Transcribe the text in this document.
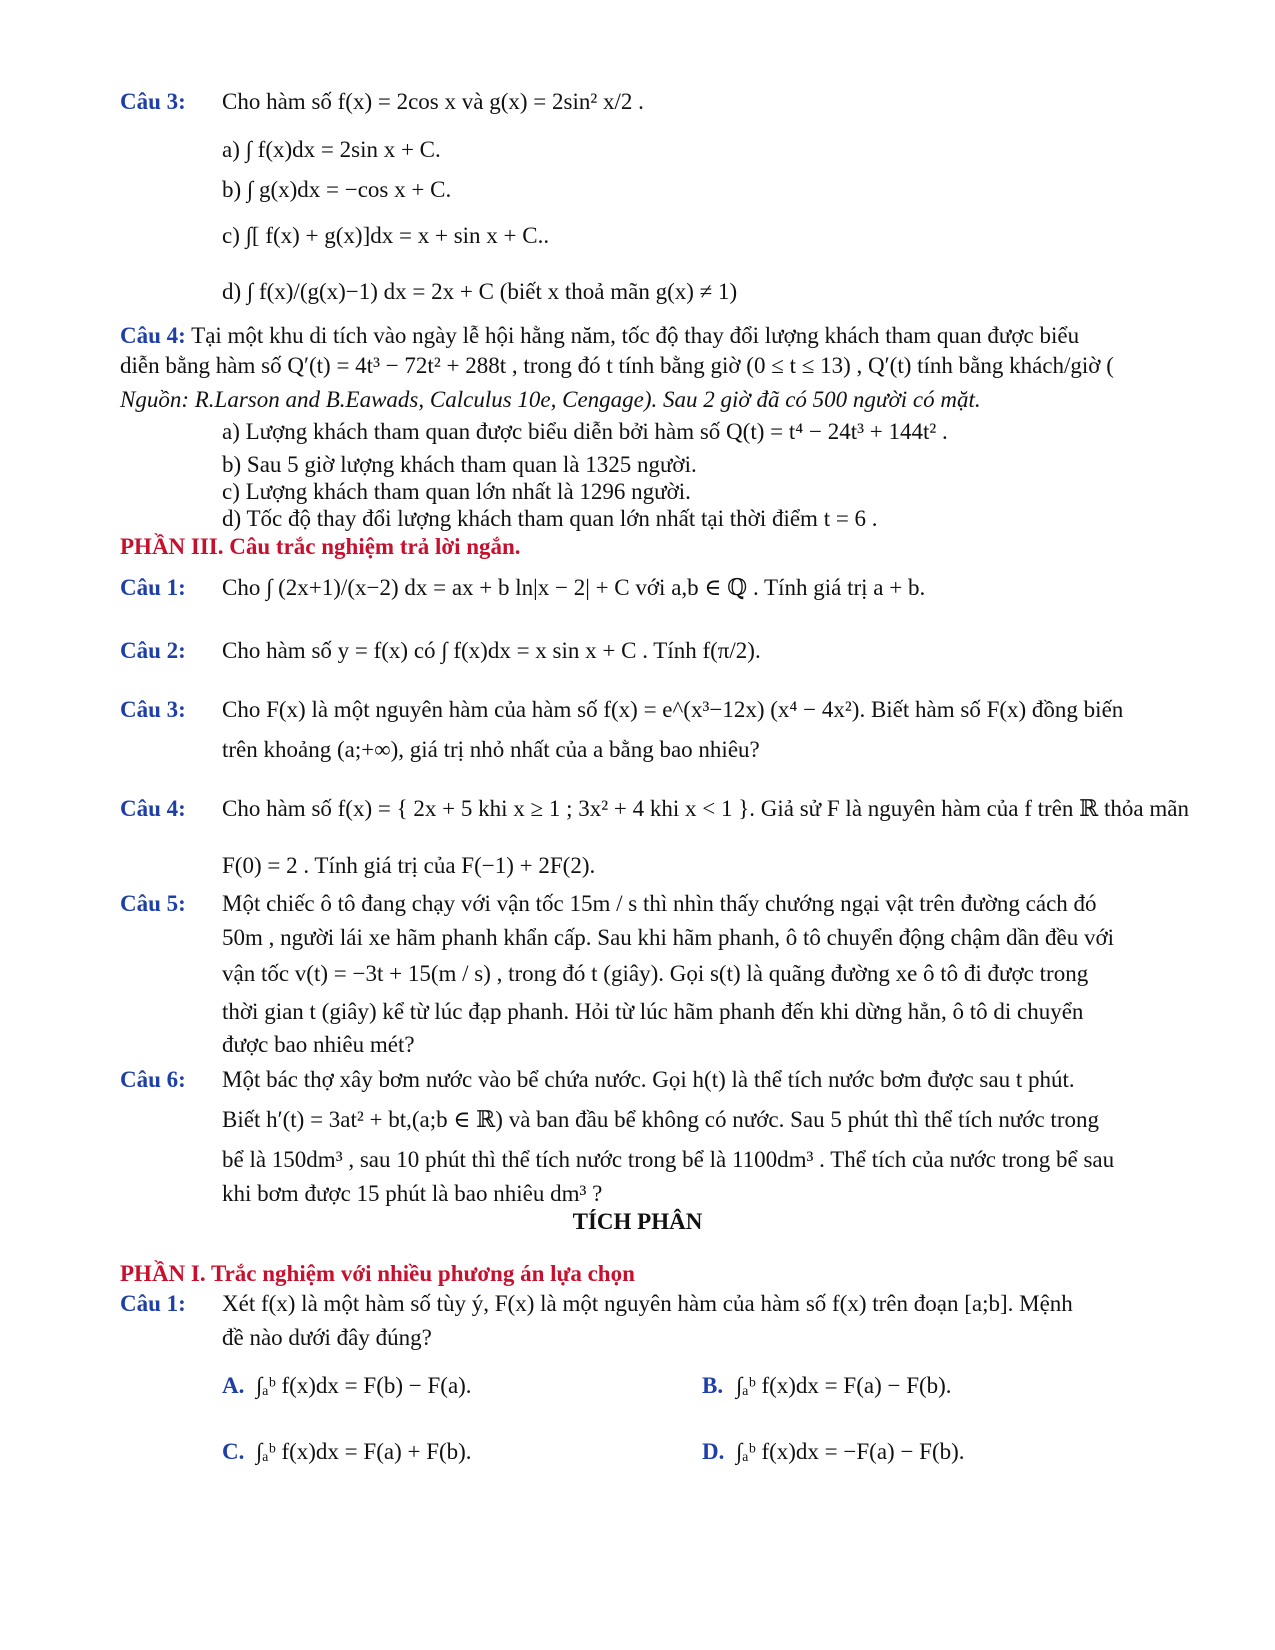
Câu 3: Cho hàm số f(x) = 2cos x và g(x) = 2sin² x/2 .
a) ∫ f(x)dx = 2sin x + C.
b) ∫ g(x)dx = −cos x + C.
c) ∫[ f(x) + g(x)]dx = x + sin x + C..
d) ∫ f(x)/(g(x)−1) dx = 2x + C (biết x thoả mãn g(x) ≠ 1)
Câu 4: Tại một khu di tích vào ngày lễ hội hằng năm, tốc độ thay đổi lượng khách tham quan được biểu
diễn bằng hàm số Q′(t) = 4t³ − 72t² + 288t , trong đó t tính bằng giờ (0 ≤ t ≤ 13) , Q′(t) tính bằng khách/giờ (
Nguồn: R.Larson and B.Eawads, Calculus 10e, Cengage). Sau 2 giờ đã có 500 người có mặt.
a) Lượng khách tham quan được biểu diễn bởi hàm số Q(t) = t⁴ − 24t³ + 144t² .
b) Sau 5 giờ lượng khách tham quan là 1325 người.
c) Lượng khách tham quan lớn nhất là 1296 người.
d) Tốc độ thay đổi lượng khách tham quan lớn nhất tại thời điểm t = 6 .
PHẦN III. Câu trắc nghiệm trả lời ngắn.
Câu 1: Cho ∫ (2x+1)/(x−2) dx = ax + b ln|x − 2| + C với a,b ∈ ℚ . Tính giá trị a + b.
Câu 2: Cho hàm số y = f(x) có ∫ f(x)dx = x sin x + C . Tính f(π/2).
Câu 3: Cho F(x) là một nguyên hàm của hàm số f(x) = e^(x³−12x) (x⁴ − 4x²). Biết hàm số F(x) đồng biến
trên khoảng (a;+∞), giá trị nhỏ nhất của a bằng bao nhiêu?
Câu 4: Cho hàm số f(x) = { 2x + 5 khi x ≥ 1 ; 3x² + 4 khi x < 1 }. Giả sử F là nguyên hàm của f trên ℝ thỏa mãn
F(0) = 2 . Tính giá trị của F(−1) + 2F(2).
Câu 5: Một chiếc ô tô đang chạy với vận tốc 15m / s thì nhìn thấy chướng ngại vật trên đường cách đó
50m , người lái xe hãm phanh khẩn cấp. Sau khi hãm phanh, ô tô chuyển động chậm dần đều với
vận tốc v(t) = −3t + 15(m / s) , trong đó t (giây). Gọi s(t) là quãng đường xe ô tô đi được trong
thời gian t (giây) kể từ lúc đạp phanh. Hỏi từ lúc hãm phanh đến khi dừng hẳn, ô tô di chuyển
được bao nhiêu mét?
Câu 6: Một bác thợ xây bơm nước vào bể chứa nước. Gọi h(t) là thể tích nước bơm được sau t phút.
Biết h′(t) = 3at² + bt,(a;b ∈ ℝ) và ban đầu bể không có nước. Sau 5 phút thì thể tích nước trong
bể là 150dm³ , sau 10 phút thì thể tích nước trong bể là 1100dm³ . Thể tích của nước trong bể sau
khi bơm được 15 phút là bao nhiêu dm³ ?
TÍCH PHÂN
PHẦN I. Trắc nghiệm với nhiều phương án lựa chọn
Câu 1: Xét f(x) là một hàm số tùy ý, F(x) là một nguyên hàm của hàm số f(x) trên đoạn [a;b]. Mệnh
đề nào dưới đây đúng?
A. ∫ₐᵇ f(x)dx = F(b) − F(a).	B. ∫ₐᵇ f(x)dx = F(a) − F(b).
C. ∫ₐᵇ f(x)dx = F(a) + F(b).	D. ∫ₐᵇ f(x)dx = −F(a) − F(b).
